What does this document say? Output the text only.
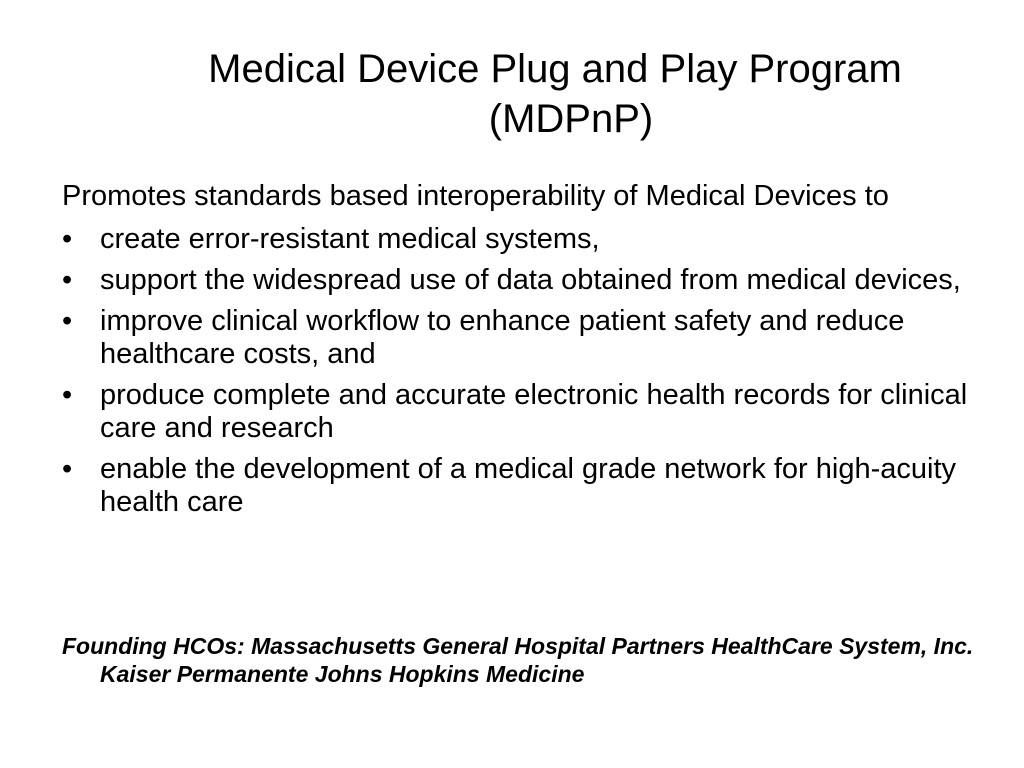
Medical Device Plug and Play Program
(MDPnP)

Promotes standards based interoperability of Medical Devices to

• create error-resistant medical systems,
• support the widespread use of data obtained from medical devices,
• improve clinical workflow to enhance patient safety and reduce healthcare costs, and
• produce complete and accurate electronic health records for clinical care and research
• enable the development of a medical grade network for high-acuity health care

Founding HCOs: Massachusetts General Hospital Partners HealthCare System, Inc. Kaiser Permanente Johns Hopkins Medicine
